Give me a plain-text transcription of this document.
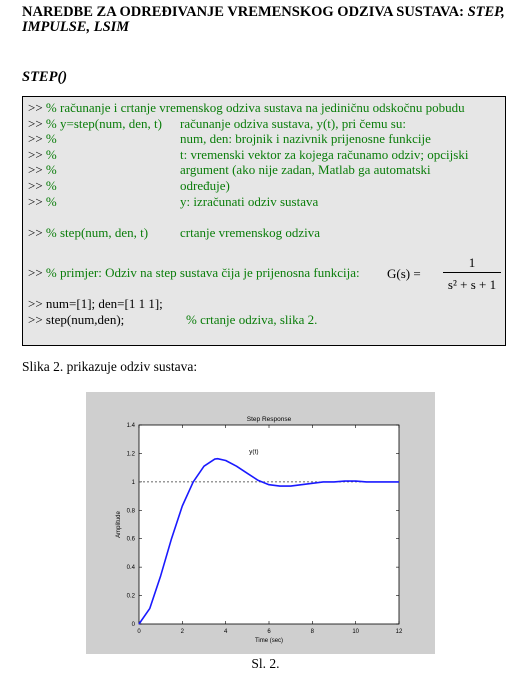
NAREDBE ZA ODREĐIVANJE VREMENSKOG ODZIVA SUSTAVA: STEP, IMPULSE, LSIM
STEP()
>> % računanje i crtanje vremenskog odziva sustava na jediničnu odskočnu pobudu
>> % y=step(num, den, t) računanje odziva sustava, y(t), pri čemu su:
>> %	num, den: brojnik i nazivnik prijenosne funkcije
>> %	t: vremenski vektor za kojega računamo odziv; opcijski
>> %	argument (ako nije zadan, Matlab ga automatski
>> %	određuje)
>> %	y: izračunati odziv sustava
>> % step(num, den, t) crtanje vremenskog odziva
>> % primjer: Odziv na step sustava čija je prijenosna funkcija: G(s) =
1
s² + s + 1
>> num=[1]; den=[1 1 1];
>> step(num,den);	% crtanje odziva, slika 2.
Slika 2. prikazuje odziv sustava:
Step Response
Time (sec)
Amplitude
0	2	4	6	8	10	12
0
0.2
0.4
0.6
0.8
1
1.2
1.4
y(t)
Sl. 2.
